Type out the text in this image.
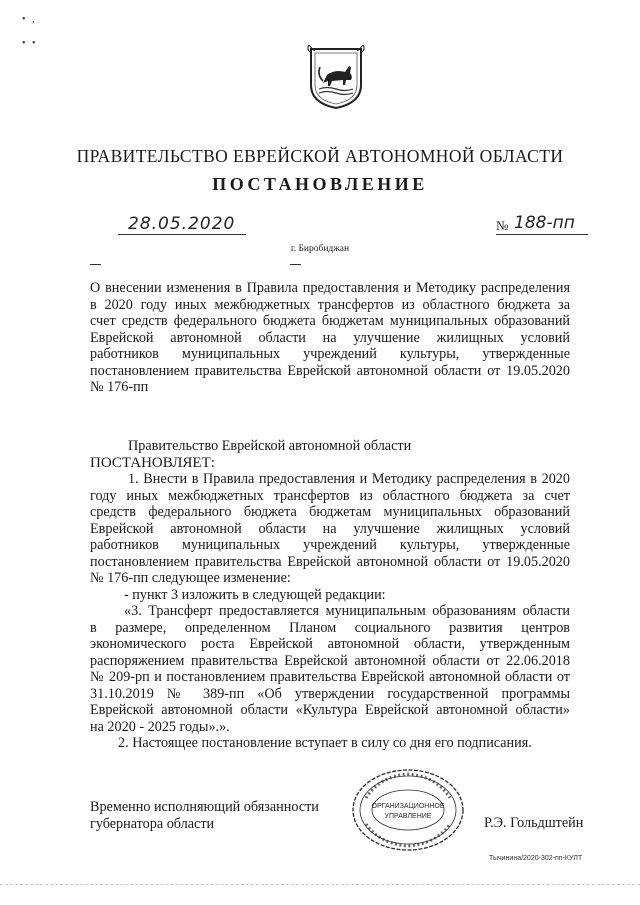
• ,

• •
ПРАВИТЕЛЬСТВО ЕВРЕЙСКОЙ АВТОНОМНОЙ ОБЛАСТИ
ПОСТАНОВЛЕНИЕ
28.05.2020	№ 188-пп
г. Биробиджан
О внесении изменения в Правила предоставления и Методику распределения
в 2020 году иных межбюджетных трансфертов из областного бюджета за
счет средств федерального бюджета бюджетам муниципальных образований
Еврейской автономной области на улучшение жилищных условий
работников муниципальных учреждений культуры, утвержденные
постановлением правительства Еврейской автономной области от 19.05.2020
№ 176-пп
Правительство Еврейской автономной области
ПОСТАНОВЛЯЕТ:
1. Внести в Правила предоставления и Методику распределения в 2020
году иных межбюджетных трансфертов из областного бюджета за счет
средств федерального бюджета бюджетам муниципальных образований
Еврейской автономной области на улучшение жилищных условий
работников муниципальных учреждений культуры, утвержденные
постановлением правительства Еврейской автономной области от 19.05.2020
№ 176-пп следующее изменение:
- пункт 3 изложить в следующей редакции:
«3. Трансферт предоставляется муниципальным образованиям области
в размере, определенном Планом социального развития центров
экономического роста Еврейской автономной области, утвержденным
распоряжением правительства Еврейской автономной области от 22.06.2018
№ 209-рп и постановлением правительства Еврейской автономной области от
31.10.2019 № 389-пп «Об утверждении государственной программы
Еврейской автономной области «Культура Еврейской автономной области»
на 2020 - 2025 годы».».
2. Настоящее постановление вступает в силу со дня его подписания.
Временно исполняющий обязанности
губернатора области
ОРГАНИЗАЦИОННОЕ
УПРАВЛЕНИЕ	Р.Э. Гольдштейн
Тычинина/2020-302-пп-КУЛТ
